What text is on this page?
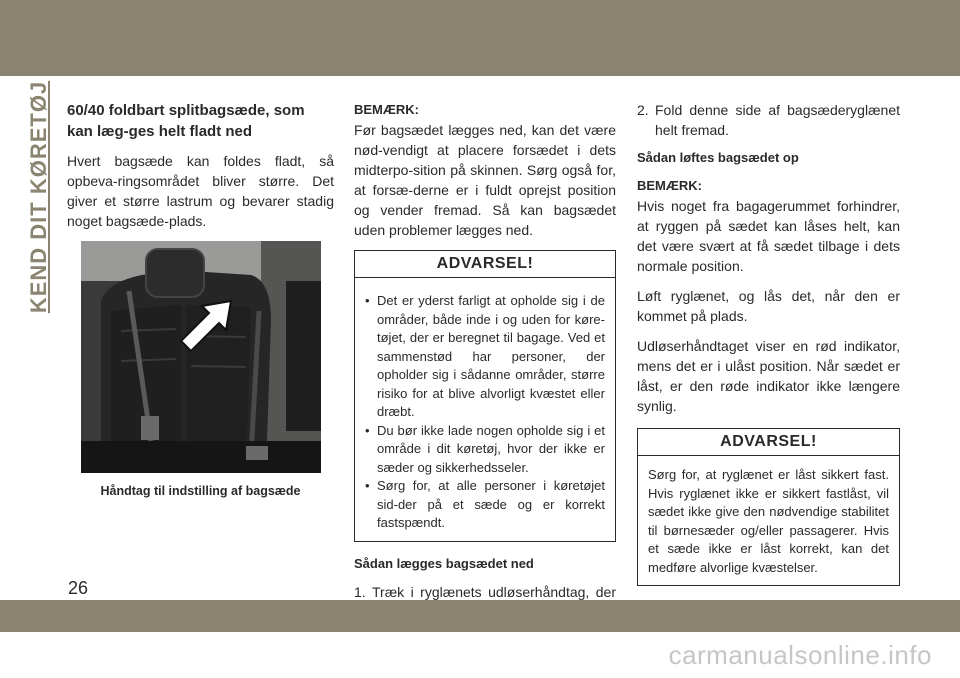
KEND DIT KØRETØJ 60/40 foldbart splitbagsæde, som kan læg-ges helt fladt ned

Hvert bagsæde kan foldes fladt, så opbeva-ringsområdet bliver større. Det giver et større lastrum og bevarer stadig noget bagsæde-plads.

Håndtag til indstilling af bagsæde
BEMÆRK:

Før bagsædet lægges ned, kan det være nød-vendigt at placere forsædet i dets midterpo-sition på skinnen. Sørg også for, at forsæ-derne er i fuldt oprejst position og vender fremad. Så kan bagsædet uden problemer lægges ned.

ADVARSEL!
• Det er yderst farligt at opholde sig i de områder, både inde i og uden for køre-tøjet, der er beregnet til bagage. Ved et sammenstød har personer, der opholder sig i sådanne områder, større risiko for at blive alvorligt kvæstet eller dræbt.
• Du bør ikke lade nogen opholde sig i et område i dit køretøj, hvor der ikke er sæder og sikkerhedsseler.
• Sørg for, at alle personer i køretøjet sid-der på et sæde og er korrekt fastspændt.
Sådan lægges bagsædet ned
1. Træk i ryglænets udløserhåndtag, der
2. Fold denne side af bagsæderyglænet helt fremad.
Sådan løftes bagsædet op
BEMÆRK:

Hvis noget fra bagagerummet forhindrer, at ryggen på sædet kan låses helt, kan det være svært at få sædet tilbage i dets normale position.

Løft ryglænet, og lås det, når den er kommet på plads.

Udløserhåndtaget viser en rød indikator, mens det er i ulåst position. Når sædet er låst, er den røde indikator ikke længere synlig.

ADVARSEL!
Sørg for, at ryglænet er låst sikkert fast. Hvis ryglænet ikke er sikkert fastlåst, vil sædet ikke give den nødvendige stabilitet til børnesæder og/eller passagerer. Hvis et sæde ikke er låst korrekt, kan det medføre alvorlige kvæstelser.
26
carmanualsonline.info
